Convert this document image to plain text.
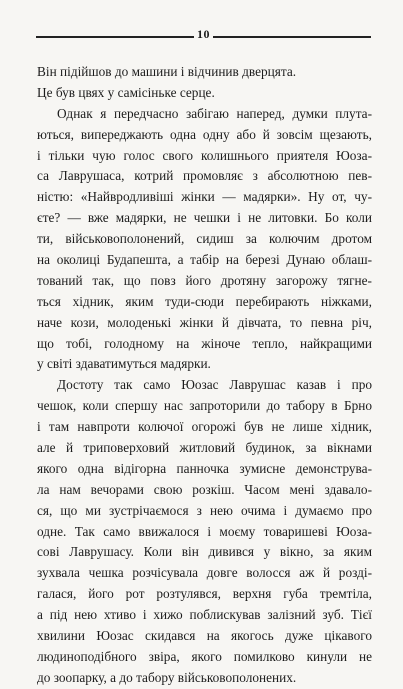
10
Він підійшов до машини і відчинив дверцята.
Це був цвях у самісіньке серце.
Однак я передчасно забігаю наперед, думки плута-
ються, випереджають одна одну або й зовсім щезають,
і тільки чую голос свого колишнього приятеля Юоза-
са Лаврушаса, котрий промовляє з абсолютною пев-
ністю: «Найвродливіші жінки — мадярки». Ну от, чу-
єте? — вже мадярки, не чешки і не литовки. Бо коли
ти, військовополонений, сидиш за колючим дротом
на околиці Будапешта, а табір на березі Дунаю облаш-
тований так, що повз його дротяну загорожу тягне-
ться хідник, яким туди-сюди перебирають ніжками,
наче кози, молоденькі жінки й дівчата, то певна річ,
що тобі, голодному на жіноче тепло, найкращими
у світі здаватимуться мадярки.
Достоту так само Юозас Лаврушас казав і про
чешок, коли спершу нас запроторили до табору в Брно
і там навпроти колючої огорожі був не лише хідник,
але й триповерховий житловий будинок, за вікнами
якого одна відігорна панночка зумисне демонструва-
ла нам вечорами свою розкіш. Часом мені здавало-
ся, що ми зустрічаємося з нею очима і думаємо про
одне. Так само ввижалося і моєму товаришеві Юоза-
сові Лаврушасу. Коли він дивився у вікно, за яким
зухвала чешка розчісувала довге волосся аж й розді-
галася, його рот розтулявся, верхня губа тремтіла,
а під нею хтиво і хижо поблискував залізний зуб. Тієї
хвилини Юозас скидався на якогось дуже цікавого
людиноподібного звіра, якого помилково кинули не
до зоопарку, а до табору військовополонених.
